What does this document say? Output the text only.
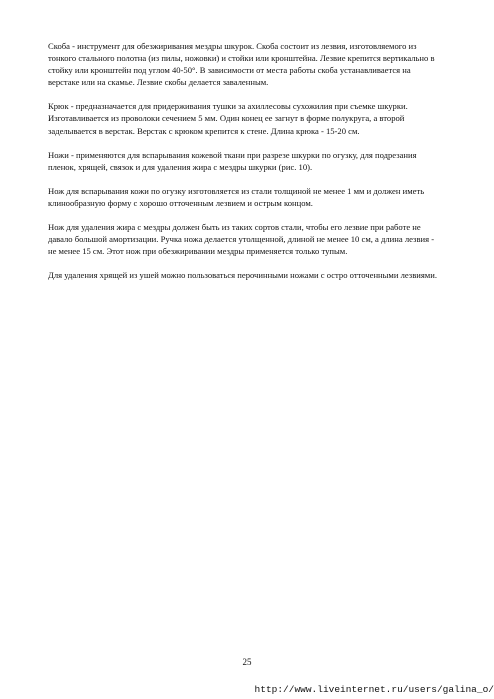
Скоба - инструмент для обезжиривания мездры шкурок. Скоба состоит из лезвия, изготовляемого из тонкого стального полотна (из пилы, ножовки) и стойки или кронштейна. Лезвие крепится вертикально в стойку или кронштейн под углом 40-50°. В зависимости от места работы скоба устанавливается на верстаке или на скамье. Лезвие скобы делается заваленным.

Крюк - предназначается для придерживания тушки за ахиллесовы сухожилия при съемке шкурки. Изготавливается из проволоки сечением 5 мм. Один конец ее загнут в форме полукруга, а второй заделывается в верстак. Верстак с крюком крепится к стене. Длина крюка - 15-20 см.

Ножи - применяются для вспарывания кожевой ткани при разрезе шкурки по огузку, для подрезания пленок, хрящей, связок и для удаления жира с мездры шкурки (рис. 10).

Нож для вспарывания кожи по огузку изготовляется из стали толщиной не менее 1 мм и должен иметь клинообразную форму с хорошо отточенным лезвием и острым концом.

Нож для удаления жира с мездры должен быть из таких сортов стали, чтобы его лезвие при работе не давало большой амортизации. Ручка ножа делается утолщенной, длиной не менее 10 см, а длина лезвия - не менее 15 см. Этот нож при обезжиривании мездры применяется только тупым.

Для удаления хрящей из ушей можно пользоваться перочинными ножами с остро отточенными лезвиями.

25
http://www.liveinternet.ru/users/galina_o/
